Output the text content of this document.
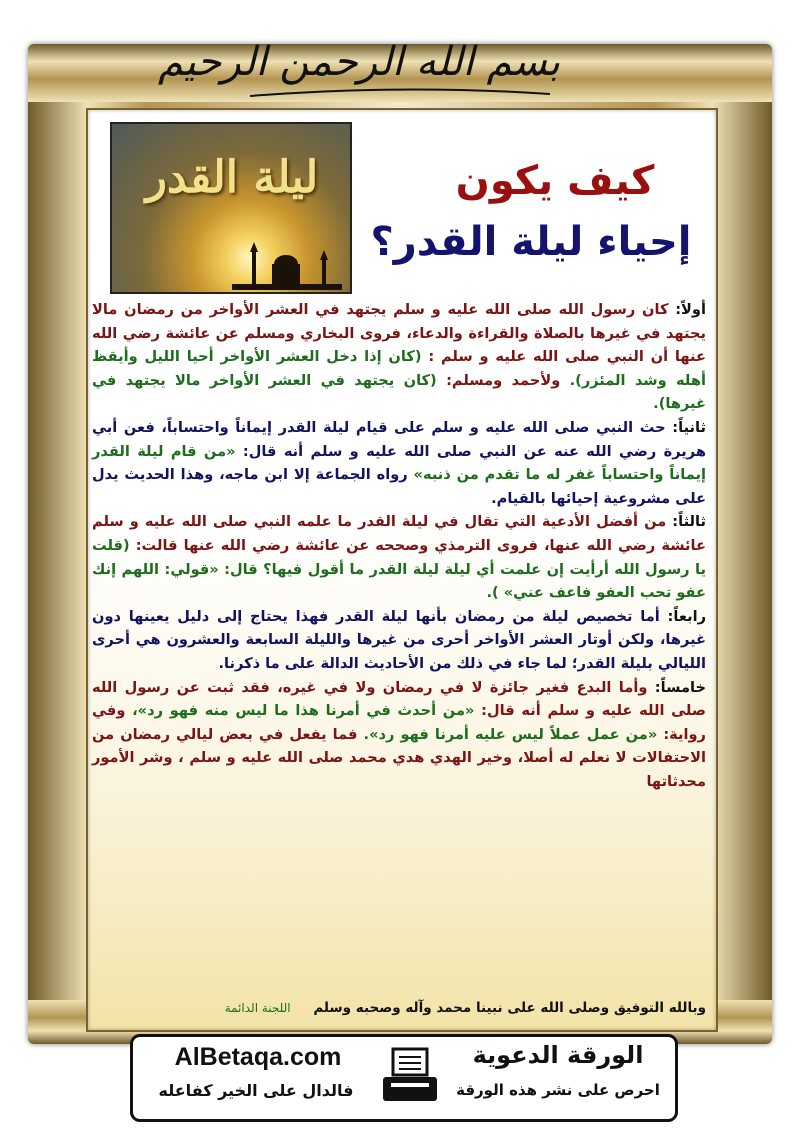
بسم الله الرحمن الرحيم
ليلة القدر	كيف يكون
إحياء ليلة القدر؟

أولاً: كان رسول الله صلى الله عليه و سلم يجتهد في العشر الأواخر من رمضان مالا يجتهد في غيرها بالصلاة والقراءة والدعاء، فروى البخاري ومسلم عن عائشة رضي الله عنها أن النبي صلى الله عليه و سلم : (كان إذا دخل العشر الأواخر أحيا الليل وأيقظ أهله وشد المئزر). ولأحمد ومسلم: (كان يجتهد في العشر الأواخر مالا يجتهد في غيرها).

ثانياً: حث النبي صلى الله عليه و سلم على قيام ليلة القدر إيماناً واحتساباً، فعن أبي هريرة رضي الله عنه عن النبي صلى الله عليه و سلم أنه قال: «من قام ليلة القدر إيماناً واحتساباً غفر له ما تقدم من ذنبه» رواه الجماعة إلا ابن ماجه، وهذا الحديث يدل على مشروعية إحيائها بالقيام.

ثالثاً: من أفضل الأدعية التي تقال في ليلة القدر ما علمه النبي صلى الله عليه و سلم عائشة رضي الله عنها، فروى الترمذي وصححه عن عائشة رضي الله عنها قالت: (قلت يا رسول الله أرأيت إن علمت أي ليلة ليلة القدر ما أقول فيها؟ قال: «قولي: اللهم إنك عفو تحب العفو فاعف عني» ).

رابعاً: أما تخصيص ليلة من رمضان بأنها ليلة القدر فهذا يحتاج إلى دليل يعينها دون غيرها، ولكن أوتار العشر الأواخر أحرى من غيرها والليلة السابعة والعشرون هي أحرى الليالي بليلة القدر؛ لما جاء في ذلك من الأحاديث الدالة على ما ذكرنا.

خامساً: وأما البدع فغير جائزة لا في رمضان ولا في غيره، فقد ثبت عن رسول الله صلى الله عليه و سلم أنه قال: «من أحدث في أمرنا هذا ما ليس منه فهو رد»، وفي رواية: «من عمل عملاً ليس عليه أمرنا فهو رد». فما يفعل في بعض ليالي رمضان من الاحتفالات لا نعلم له أصلا، وخير الهدي هدي محمد صلى الله عليه و سلم ، وشر الأمور محدثاتها

وبالله التوفيق وصلى الله على نبينا محمد وآله وصحبه وسلم اللجنة الدائمة
AlBetaqa.com
فالدال على الخير كفاعله
الورقة الدعوية
احرص على نشر هذه الورقة
